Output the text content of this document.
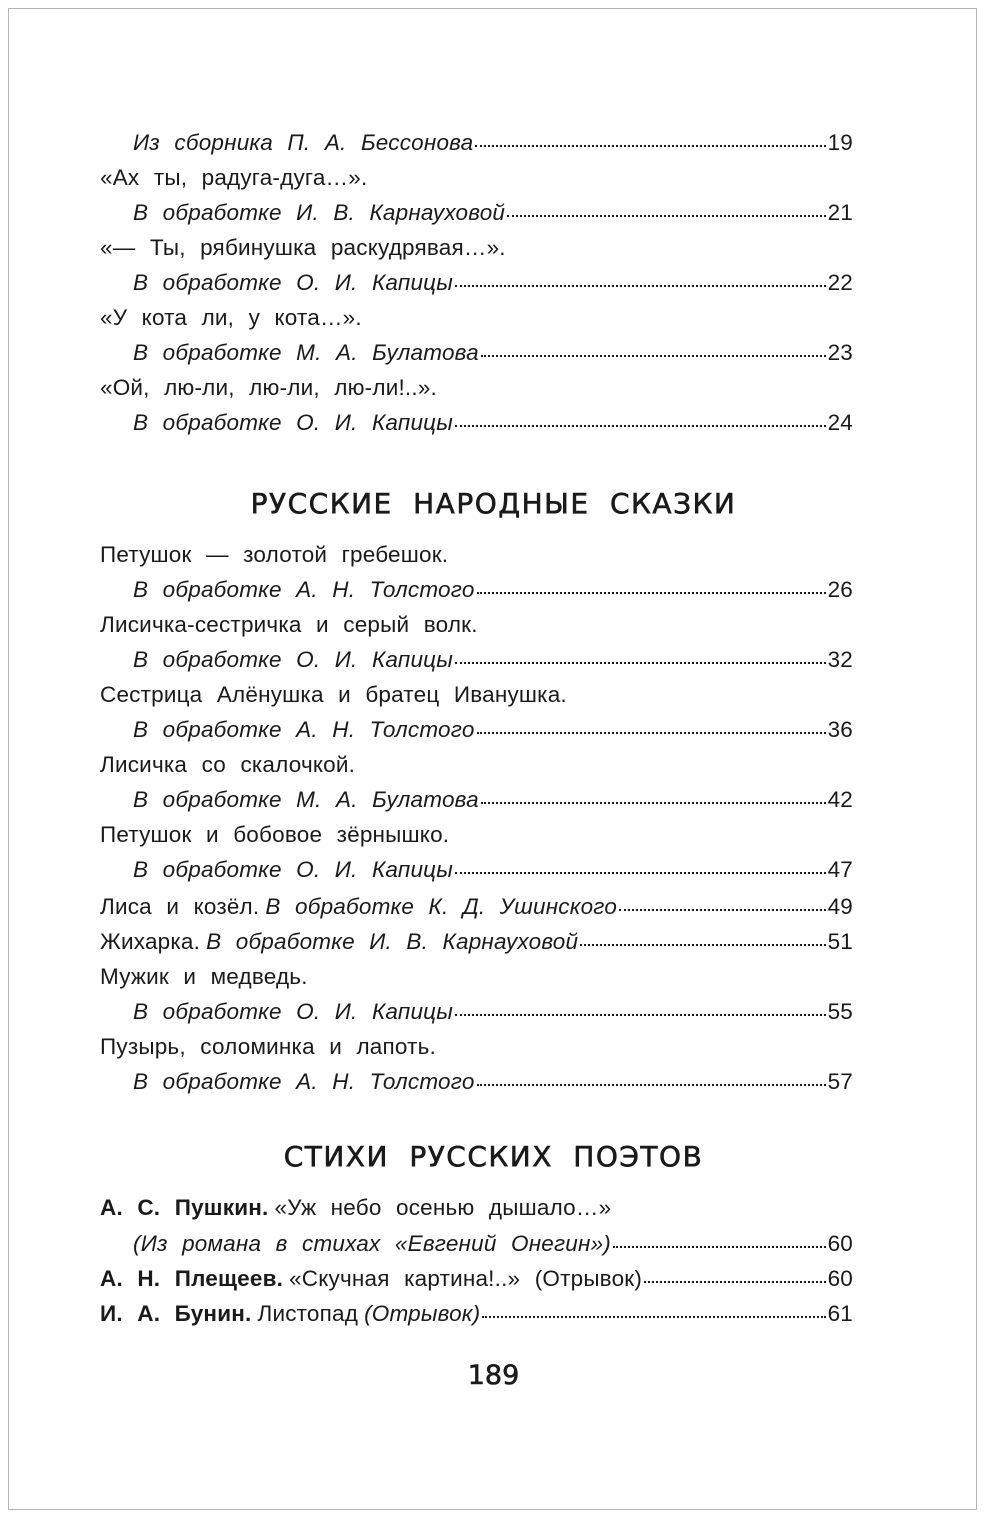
Из сборника П. А. Бессонова	19
«Ах ты, радуга-дуга…».
В обработке И. В. Карнауховой	21
«— Ты, рябинушка раскудрявая…».
В обработке О. И. Капицы	22
«У кота ли, у кота…».
В обработке М. А. Булатова	23
«Ой, лю-ли, лю-ли, лю-ли!..».
В обработке О. И. Капицы	24
РУССКИЕ НАРОДНЫЕ СКАЗКИ
Петушок — золотой гребешок.
В обработке А. Н. Толстого	26
Лисичка-сестричка и серый волк.
В обработке О. И. Капицы	32
Сестрица Алёнушка и братец Иванушка.
В обработке А. Н. Толстого	36
Лисичка со скалочкой.
В обработке М. А. Булатова	42
Петушок и бобовое зёрнышко.
В обработке О. И. Капицы	47
Лиса и козёл. В обработке К. Д. Ушинского	49
Жихарка. В обработке И. В. Карнауховой	51
Мужик и медведь.
В обработке О. И. Капицы	55
Пузырь, соломинка и лапоть.
В обработке А. Н. Толстого	57
СТИХИ РУССКИХ ПОЭТОВ
А. С. Пушкин. «Уж небо осенью дышало…»
(Из романа в стихах «Евгений Онегин»)	60
А. Н. Плещеев. «Скучная картина!..» (Отрывок)	60
И. А. Бунин. Листопад (Отрывок)	61
189
